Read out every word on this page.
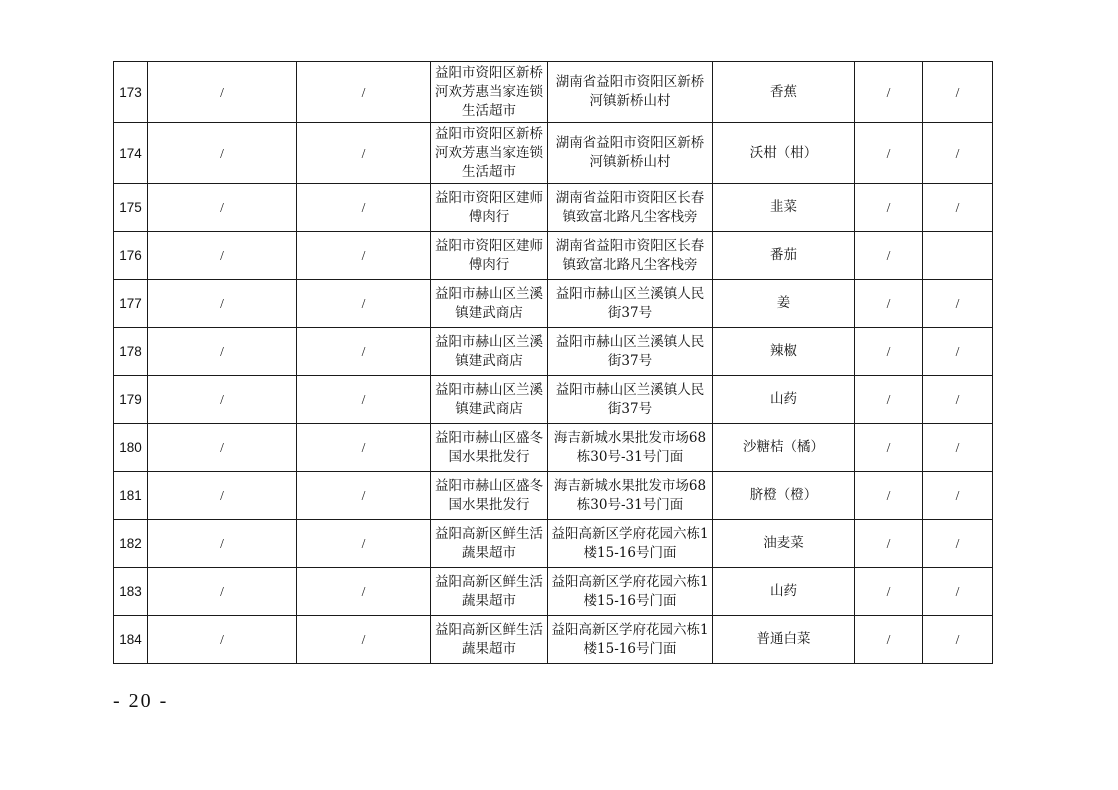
173	/	/	益阳市资阳区新桥河欢芳惠当家连锁生活超市	湖南省益阳市资阳区新桥河镇新桥山村	香蕉	/	/
174	/	/	益阳市资阳区新桥河欢芳惠当家连锁生活超市	湖南省益阳市资阳区新桥河镇新桥山村	沃柑（柑）	/	/
175	/	/	益阳市资阳区建师傅肉行	湖南省益阳市资阳区长春镇致富北路凡尘客栈旁	韭菜	/	/
176	/	/	益阳市资阳区建师傅肉行	湖南省益阳市资阳区长春镇致富北路凡尘客栈旁	番茄	/	
177	/	/	益阳市赫山区兰溪镇建武商店	益阳市赫山区兰溪镇人民街37号	姜	/	/
178	/	/	益阳市赫山区兰溪镇建武商店	益阳市赫山区兰溪镇人民街37号	辣椒	/	/
179	/	/	益阳市赫山区兰溪镇建武商店	益阳市赫山区兰溪镇人民街37号	山药	/	/
180	/	/	益阳市赫山区盛冬国水果批发行	海吉新城水果批发市场68栋30号-31号门面	沙糖桔（橘）	/	/
181	/	/	益阳市赫山区盛冬国水果批发行	海吉新城水果批发市场68栋30号-31号门面	脐橙（橙）	/	/
182	/	/	益阳高新区鲜生活蔬果超市	益阳高新区学府花园六栋1楼15-16号门面	油麦菜	/	/
183	/	/	益阳高新区鲜生活蔬果超市	益阳高新区学府花园六栋1楼15-16号门面	山药	/	/
184	/	/	益阳高新区鲜生活蔬果超市	益阳高新区学府花园六栋1楼15-16号门面	普通白菜	/	/
- 20 -
